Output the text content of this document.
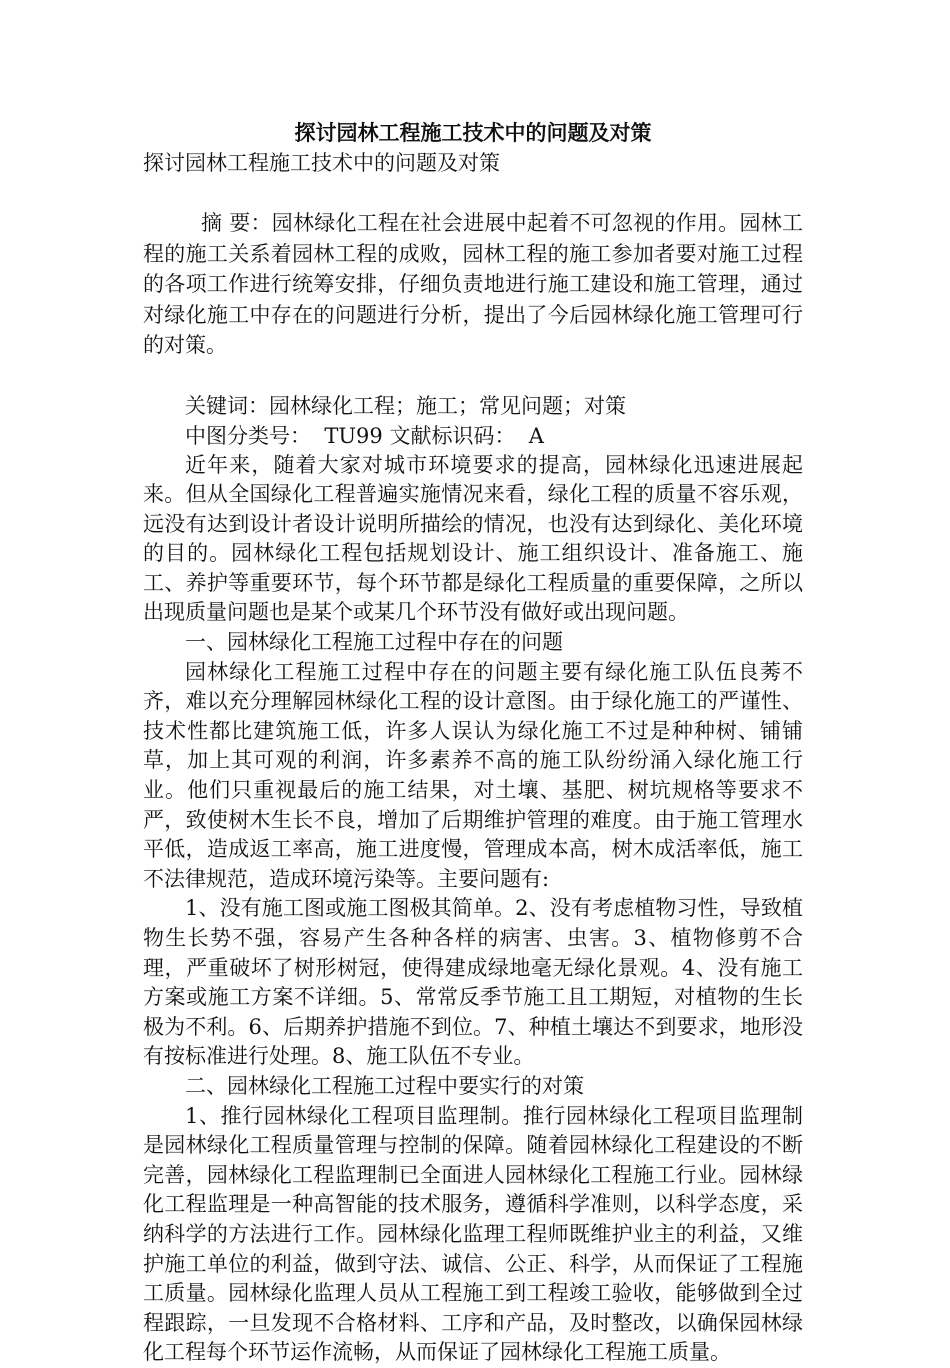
探讨园林工程施工技术中的问题及对策

探讨园林工程施工技术中的问题及对策

摘 要：园林绿化工程在社会进展中起着不可忽视的作用。园林工程的施工关系着园林工程的成败，园林工程的施工参加者要对施工过程的各项工作进行统筹安排，仔细负责地进行施工建设和施工管理，通过对绿化施工中存在的问题进行分析，提出了今后园林绿化施工管理可行的对策。

关键词：园林绿化工程；施工；常见问题；对策

中图分类号：  TU99 文献标识码：  A

近年来，随着大家对城市环境要求的提高，园林绿化迅速进展起来。但从全国绿化工程普遍实施情况来看，绿化工程的质量不容乐观，远没有达到设计者设计说明所描绘的情况，也没有达到绿化、美化环境的目的。园林绿化工程包括规划设计、施工组织设计、准备施工、施工、养护等重要环节，每个环节都是绿化工程质量的重要保障，之所以出现质量问题也是某个或某几个环节没有做好或出现问题。

一、园林绿化工程施工过程中存在的问题

园林绿化工程施工过程中存在的问题主要有绿化施工队伍良莠不齐，难以充分理解园林绿化工程的设计意图。由于绿化施工的严谨性、技术性都比建筑施工低，许多人误认为绿化施工不过是种种树、铺铺草，加上其可观的利润，许多素养不高的施工队纷纷涌入绿化施工行业。他们只重视最后的施工结果，对土壤、基肥、树坑规格等要求不严，致使树木生长不良，增加了后期维护管理的难度。由于施工管理水平低，造成返工率高，施工进度慢，管理成本高，树木成活率低，施工不法律规范，造成环境污染等。主要问题有:

1、没有施工图或施工图极其简单。2、没有考虑植物习性，导致植物生长势不强，容易产生各种各样的病害、虫害。3、植物修剪不合理，严重破坏了树形树冠，使得建成绿地毫无绿化景观。4、没有施工方案或施工方案不详细。5、常常反季节施工且工期短，对植物的生长极为不利。6、后期养护措施不到位。7、种植土壤达不到要求，地形没有按标准进行处理。8、施工队伍不专业。

二、园林绿化工程施工过程中要实行的对策

1、推行园林绿化工程项目监理制。推行园林绿化工程项目监理制是园林绿化工程质量管理与控制的保障。随着园林绿化工程建设的不断完善，园林绿化工程监理制已全面进人园林绿化工程施工行业。园林绿化工程监理是一种高智能的技术服务，遵循科学准则，以科学态度，采纳科学的方法进行工作。园林绿化监理工程师既维护业主的利益，又维护施工单位的利益，做到守法、诚信、公正、科学，从而保证了工程施工质量。园林绿化监理人员从工程施工到工程竣工验收，能够做到全过程跟踪，一旦发现不合格材料、工序和产品，及时整改，以确保园林绿化工程每个环节运作流畅，从而保证了园林绿化工程施工质量。
